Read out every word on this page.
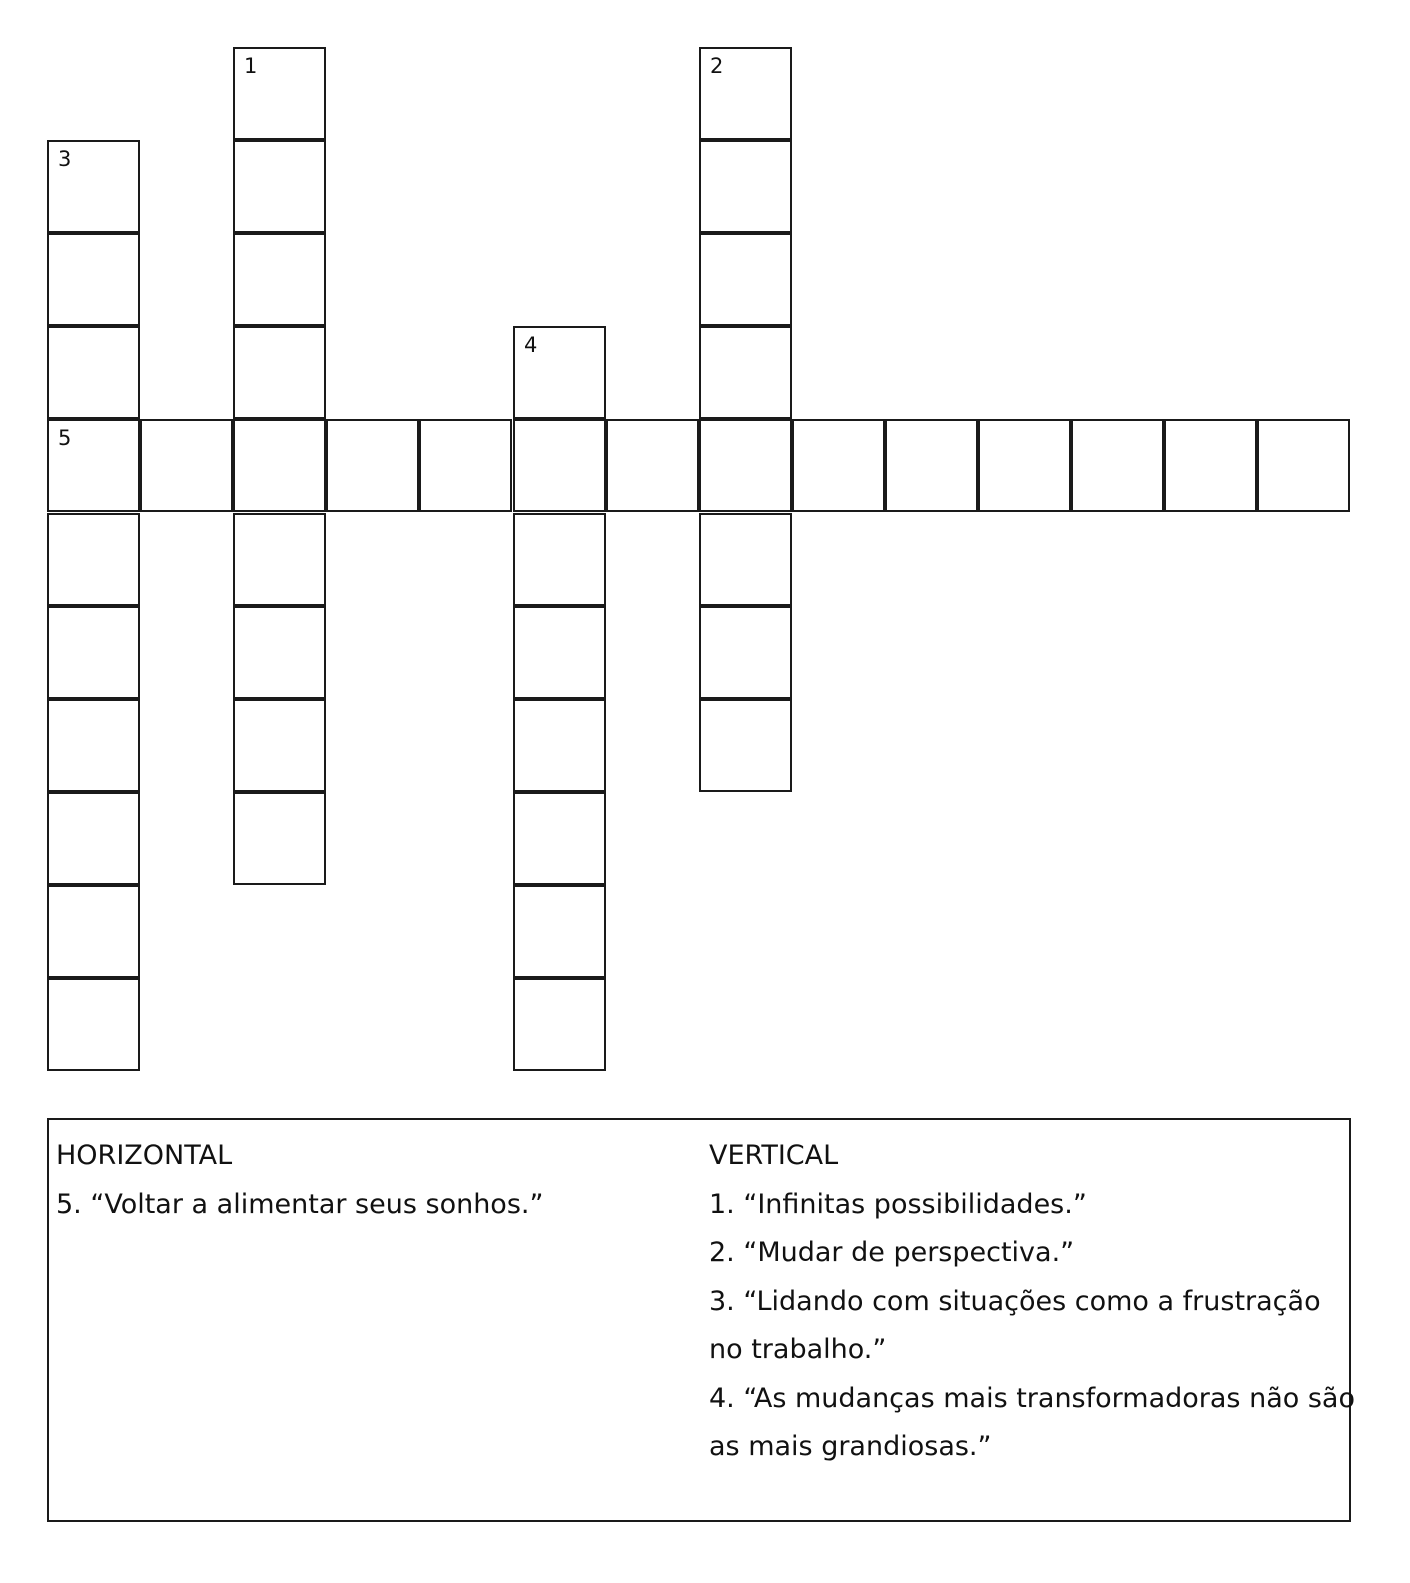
1	2
3
5
4
HORIZONTAL
5. “Voltar a alimentar seus sonhos.”
VERTICAL
1. “Infinitas possibilidades.”
2. “Mudar de perspectiva.”
3. “Lidando com situações como a frustração
no trabalho.”
4. “As mudanças mais transformadoras não são
as mais grandiosas.”
